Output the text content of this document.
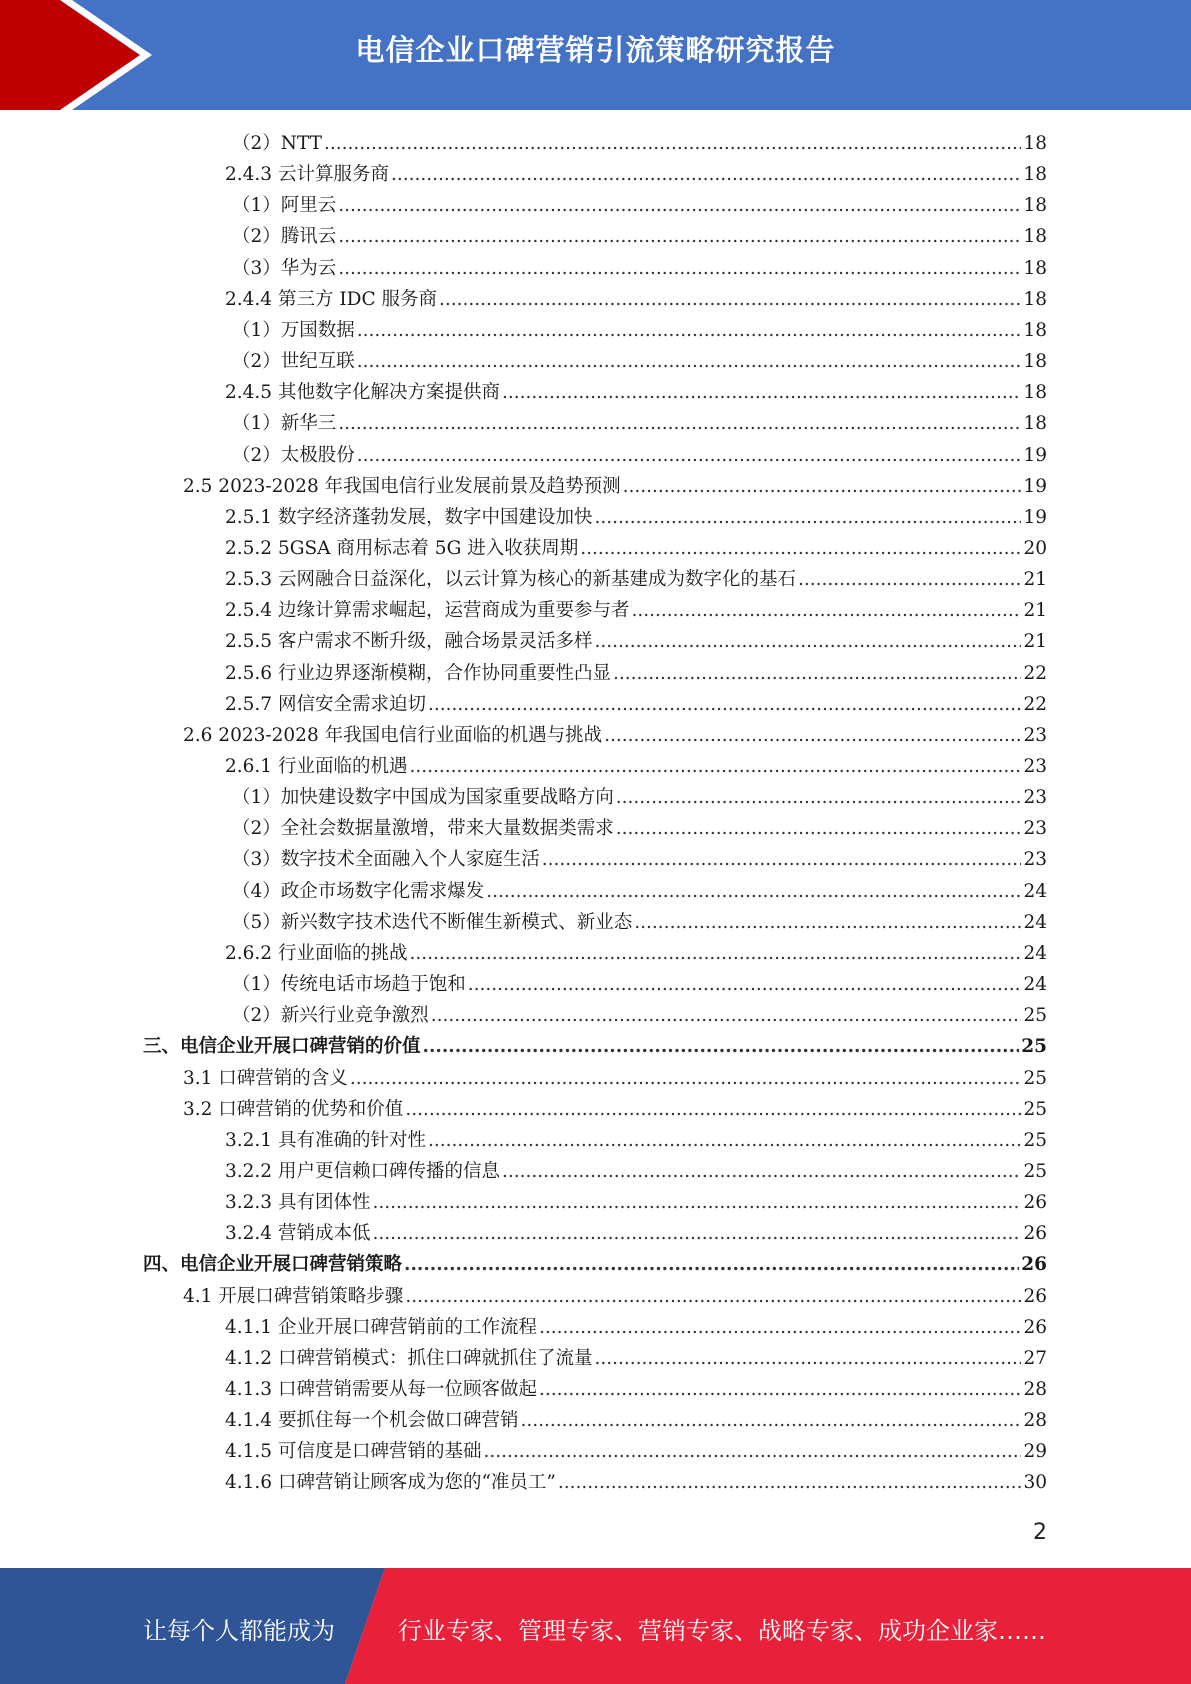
电信企业口碑营销引流策略研究报告
（2）NTT .....	18
2.4.3 云计算服务商 .....	18
（1）阿里云 .....	18
（2）腾讯云 .....	18
（3）华为云 .....	18
2.4.4 第三方 IDC 服务商 .....	18
（1）万国数据 .....	18
（2）世纪互联 .....	18
2.4.5 其他数字化解决方案提供商 .....	18
（1）新华三 .....	18
（2）太极股份 .....	19
2.5 2023-2028 年我国电信行业发展前景及趋势预测 .....	19
2.5.1 数字经济蓬勃发展，数字中国建设加快 .....	19
2.5.2 5GSA 商用标志着 5G 进入收获周期 .....	20
2.5.3 云网融合日益深化，以云计算为核心的新基建成为数字化的基石 .....	21
2.5.4 边缘计算需求崛起，运营商成为重要参与者 .....	21
2.5.5 客户需求不断升级，融合场景灵活多样 .....	21
2.5.6 行业边界逐渐模糊，合作协同重要性凸显 .....	22
2.5.7 网信安全需求迫切 .....	22
2.6 2023-2028 年我国电信行业面临的机遇与挑战 .....	23
2.6.1 行业面临的机遇 .....	23
（1）加快建设数字中国成为国家重要战略方向 .....	23
（2）全社会数据量激增，带来大量数据类需求 .....	23
（3）数字技术全面融入个人家庭生活 .....	23
（4）政企市场数字化需求爆发 .....	24
（5）新兴数字技术迭代不断催生新模式、新业态 .....	24
2.6.2 行业面临的挑战 .....	24
（1）传统电话市场趋于饱和 .....	24
（2）新兴行业竞争激烈 .....	25
三、电信企业开展口碑营销的价值 .....	25
3.1 口碑营销的含义 .....	25
3.2 口碑营销的优势和价值 .....	25
3.2.1 具有准确的针对性 .....	25
3.2.2 用户更信赖口碑传播的信息 .....	25
3.2.3 具有团体性 .....	26
3.2.4 营销成本低 .....	26
四、电信企业开展口碑营销策略 .....	26
4.1 开展口碑营销策略步骤 .....	26
4.1.1 企业开展口碑营销前的工作流程 .....	26
4.1.2 口碑营销模式：抓住口碑就抓住了流量 .....	27
4.1.3 口碑营销需要从每一位顾客做起 .....	28
4.1.4 要抓住每一个机会做口碑营销 .....	28
4.1.5 可信度是口碑营销的基础 .....	29
4.1.6 口碑营销让顾客成为您的“准员工” .....	30
2
让每个人都能成为	行业专家、管理专家、营销专家、战略专家、成功企业家……
